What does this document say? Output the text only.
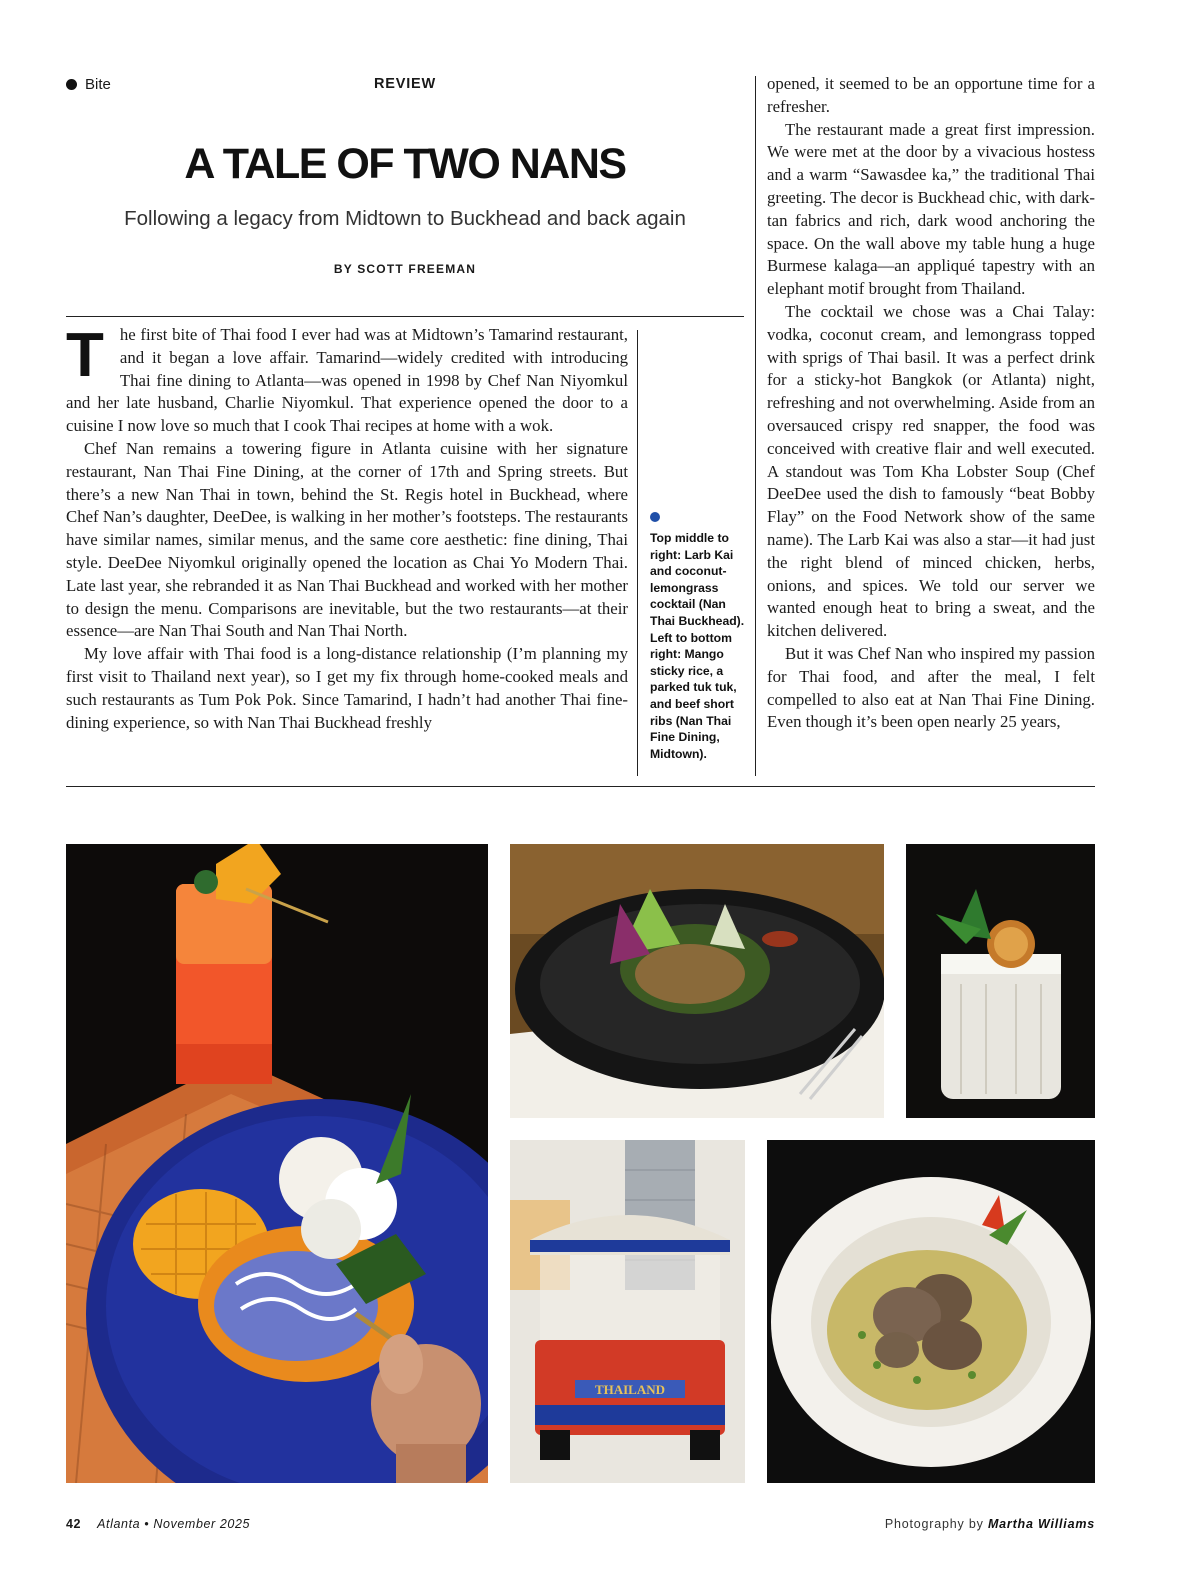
Bite	REVIEW
A TALE OF TWO NANS
Following a legacy from Midtown to Buckhead and back again
BY SCOTT FREEMAN

The first bite of Thai food I ever had was at Midtown’s Tamarind restaurant, and it began a love affair. Tamarind—widely credited with introducing Thai fine dining to Atlanta—was opened in 1998 by Chef Nan Niyomkul and her late husband, Charlie Niyomkul. That experience opened the door to a cuisine I now love so much that I cook Thai recipes at home with a wok.

Chef Nan remains a towering figure in Atlanta cuisine with her signature restaurant, Nan Thai Fine Dining, at the corner of 17th and Spring streets. But there’s a new Nan Thai in town, behind the St. Regis hotel in Buckhead, where Chef Nan’s daughter, DeeDee, is walking in her mother’s footsteps. The restaurants have similar names, similar menus, and the same core aesthetic: fine dining, Thai style. DeeDee Niyomkul originally opened the location as Chai Yo Modern Thai. Late last year, she rebranded it as Nan Thai Buckhead and worked with her mother to design the menu. Comparisons are inevitable, but the two restaurants—at their essence—are Nan Thai South and Nan Thai North.

My love affair with Thai food is a long-distance relationship (I’m planning my first visit to Thailand next year), so I get my fix through home-cooked meals and such restaurants as Tum Pok Pok. Since Tamarind, I hadn’t had another Thai fine-dining experience, so with Nan Thai Buckhead freshly

Top middle to right: Larb Kai and coconut-lemongrass cocktail (Nan Thai Buckhead). Left to bottom right: Mango sticky rice, a parked tuk tuk, and beef short ribs (Nan Thai Fine Dining, Midtown).

opened, it seemed to be an opportune time for a refresher.

The restaurant made a great first impression. We were met at the door by a vivacious hostess and a warm “Sawasdee ka,” the traditional Thai greeting. The decor is Buckhead chic, with dark-tan fabrics and rich, dark wood anchoring the space. On the wall above my table hung a huge Burmese kalaga—an appliqué tapestry with an elephant motif brought from Thailand.

The cocktail we chose was a Chai Talay: vodka, coconut cream, and lemongrass topped with sprigs of Thai basil. It was a perfect drink for a sticky-hot Bangkok (or Atlanta) night, refreshing and not overwhelming. Aside from an oversauced crispy red snapper, the food was conceived with creative flair and well executed. A standout was Tom Kha Lobster Soup (Chef DeeDee used the dish to famously “beat Bobby Flay” on the Food Network show of the same name). The Larb Kai was also a star—it had just the right blend of minced chicken, herbs, onions, and spices. We told our server we wanted enough heat to bring a sweat, and the kitchen delivered.

But it was Chef Nan who inspired my passion for Thai food, and after the meal, I felt compelled to also eat at Nan Thai Fine Dining. Even though it’s been open nearly 25 years,

THAILAND
42 Atlanta • November 2025	Photography by Martha Williams
